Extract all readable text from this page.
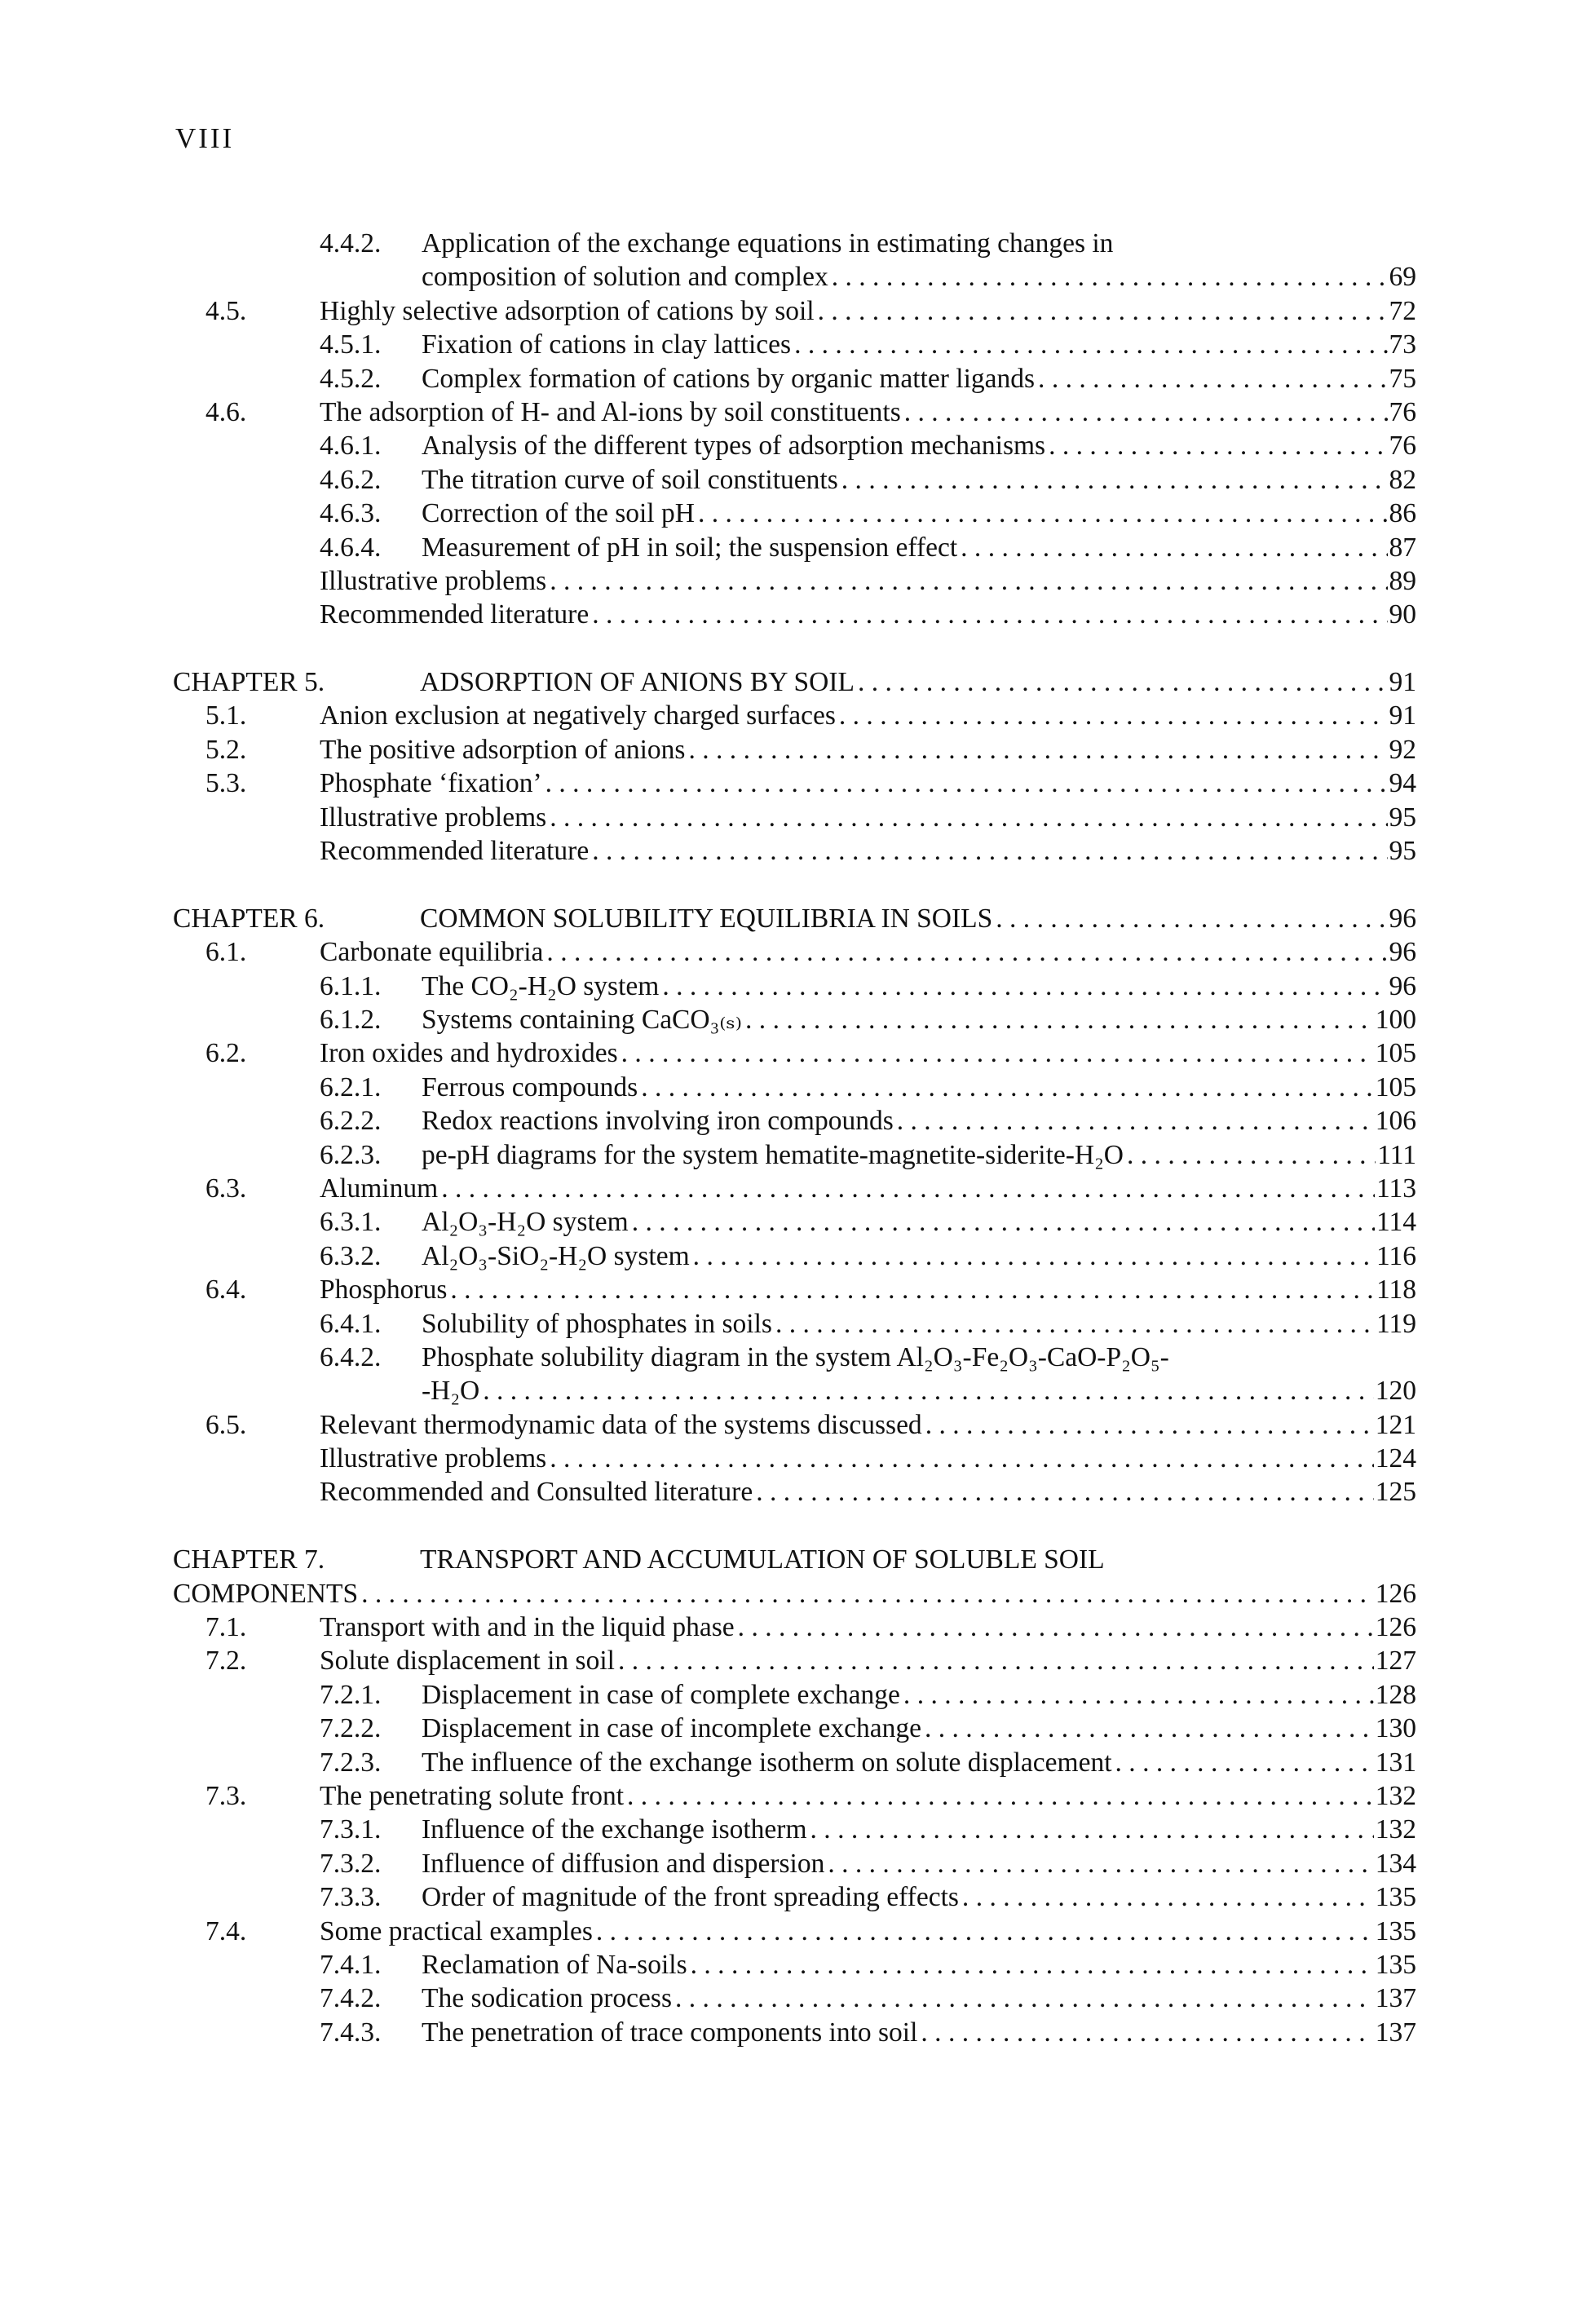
VIII
4.4.2. Application of the exchange equations in estimating changes in
composition of solution and complex .....	69
4.5.	Highly selective adsorption of cations by soil .....	72
4.5.1. Fixation of cations in clay lattices .....	73
4.5.2. Complex formation of cations by organic matter ligands .....	75
4.6.	The adsorption of H- and Al-ions by soil constituents .....	76
4.6.1. Analysis of the different types of adsorption mechanisms .....	76
4.6.2. The titration curve of soil constituents .....	82
4.6.3. Correction of the soil pH .....	86
4.6.4. Measurement of pH in soil; the suspension effect .....	87
Illustrative problems .....	89
Recommended literature .....	90
CHAPTER 5.	ADSORPTION OF ANIONS BY SOIL .....	91
5.1.	Anion exclusion at negatively charged surfaces .....	91
5.2.	The positive adsorption of anions .....	92
5.3.	Phosphate ‘fixation’ .....	94
Illustrative problems .....	95
Recommended literature .....	95
CHAPTER 6.	COMMON SOLUBILITY EQUILIBRIA IN SOILS .....	96
6.1.	Carbonate equilibria .....	96
6.1.1. The CO₂-H₂O system .....	96
6.1.2. Systems containing CaCO₃₍ₛ₎ .....	100
6.2.	Iron oxides and hydroxides .....	105
6.2.1. Ferrous compounds .....	105
6.2.2. Redox reactions involving iron compounds .....	106
6.2.3. pe-pH diagrams for the system hematite-magnetite-siderite-H₂O .....	111
6.3.	Aluminum .....	113
6.3.1. Al₂O₃-H₂O system .....	114
6.3.2. Al₂O₃-SiO₂-H₂O system .....	116
6.4.	Phosphorus .....	118
6.4.1. Solubility of phosphates in soils .....	119
6.4.2. Phosphate solubility diagram in the system Al₂O₃-Fe₂O₃-CaO-P₂O₅-
-H₂O .....	120
6.5.	Relevant thermodynamic data of the systems discussed .....	121
Illustrative problems .....	124
Recommended and Consulted literature .....	125
CHAPTER 7.	TRANSPORT AND ACCUMULATION OF SOLUBLE SOIL
COMPONENTS .....	126
7.1.	Transport with and in the liquid phase .....	126
7.2.	Solute displacement in soil .....	127
7.2.1. Displacement in case of complete exchange .....	128
7.2.2. Displacement in case of incomplete exchange .....	130
7.2.3. The influence of the exchange isotherm on solute displacement .....	131
7.3.	The penetrating solute front .....	132
7.3.1. Influence of the exchange isotherm .....	132
7.3.2. Influence of diffusion and dispersion .....	134
7.3.3. Order of magnitude of the front spreading effects .....	135
7.4.	Some practical examples .....	135
7.4.1. Reclamation of Na-soils .....	135
7.4.2. The sodication process .....	137
7.4.3. The penetration of trace components into soil .....	137
